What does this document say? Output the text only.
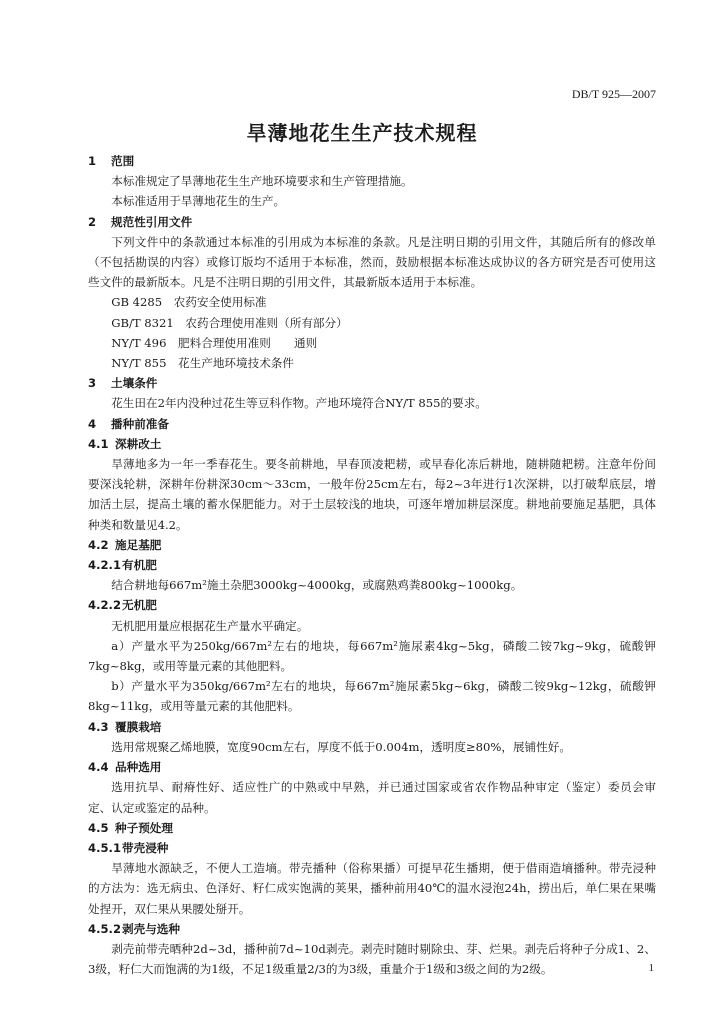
DB/T 925—2007
旱薄地花生生产技术规程
1 范围
本标准规定了旱薄地花生生产地环境要求和生产管理措施。
本标准适用于旱薄地花生的生产。
2 规范性引用文件
下列文件中的条款通过本标准的引用成为本标准的条款。凡是注明日期的引用文件，其随后所有的修改单（不包括勘误的内容）或修订版均不适用于本标准，然而，鼓励根据本标准达成协议的各方研究是否可使用这些文件的最新版本。凡是不注明日期的引用文件，其最新版本适用于本标准。
GB 4285　农药安全使用标准
GB/T 8321　农药合理使用准则（所有部分）
NY/T 496　肥料合理使用准则　　通则
NY/T 855　花生产地环境技术条件
3 土壤条件
花生田在2年内没种过花生等豆科作物。产地环境符合NY/T 855的要求。
4 播种前准备
4.1 深耕改土
旱薄地多为一年一季春花生。要冬前耕地，早春顶凌耙耢，或早春化冻后耕地，随耕随耙耢。注意年份间要深浅轮耕，深耕年份耕深30cm～33cm，一般年份25cm左右，每2~3年进行1次深耕，以打破犁底层，增加活土层，提高土壤的蓄水保肥能力。对于土层较浅的地块，可逐年增加耕层深度。耕地前要施足基肥，具体种类和数量见4.2。
4.2 施足基肥
4.2.1有机肥
结合耕地每667m²施土杂肥3000kg~4000kg，或腐熟鸡粪800kg~1000kg。
4.2.2无机肥
无机肥用量应根据花生产量水平确定。
a）产量水平为250kg/667m²左右的地块，每667m²施尿素4kg~5kg，磷酸二铵7kg~9kg，硫酸钾7kg~8kg，或用等量元素的其他肥料。
b）产量水平为350kg/667m²左右的地块，每667m²施尿素5kg~6kg，磷酸二铵9kg~12kg，硫酸钾8kg~11kg，或用等量元素的其他肥料。
4.3 覆膜栽培
选用常规聚乙烯地膜，宽度90cm左右，厚度不低于0.004m，透明度≥80%，展铺性好。
4.4 品种选用
选用抗旱、耐瘠性好、适应性广的中熟或中早熟，并已通过国家或省农作物品种审定（鉴定）委员会审定、认定或鉴定的品种。
4.5 种子预处理
4.5.1带壳浸种
旱薄地水源缺乏，不便人工造墒。带壳播种（俗称果播）可提早花生播期，便于借雨造墒播种。带壳浸种的方法为：选无病虫、色泽好、籽仁成实饱满的荚果，播种前用40℃的温水浸泡24h，捞出后，单仁果在果嘴处捏开，双仁果从果腰处掰开。
4.5.2剥壳与选种
剥壳前带壳晒种2d~3d，播种前7d~10d剥壳。剥壳时随时剔除虫、芽、烂果。剥壳后将种子分成1、2、3级，籽仁大而饱满的为1级，不足1级重量2/3的为3级，重量介于1级和3级之间的为2级。	1
